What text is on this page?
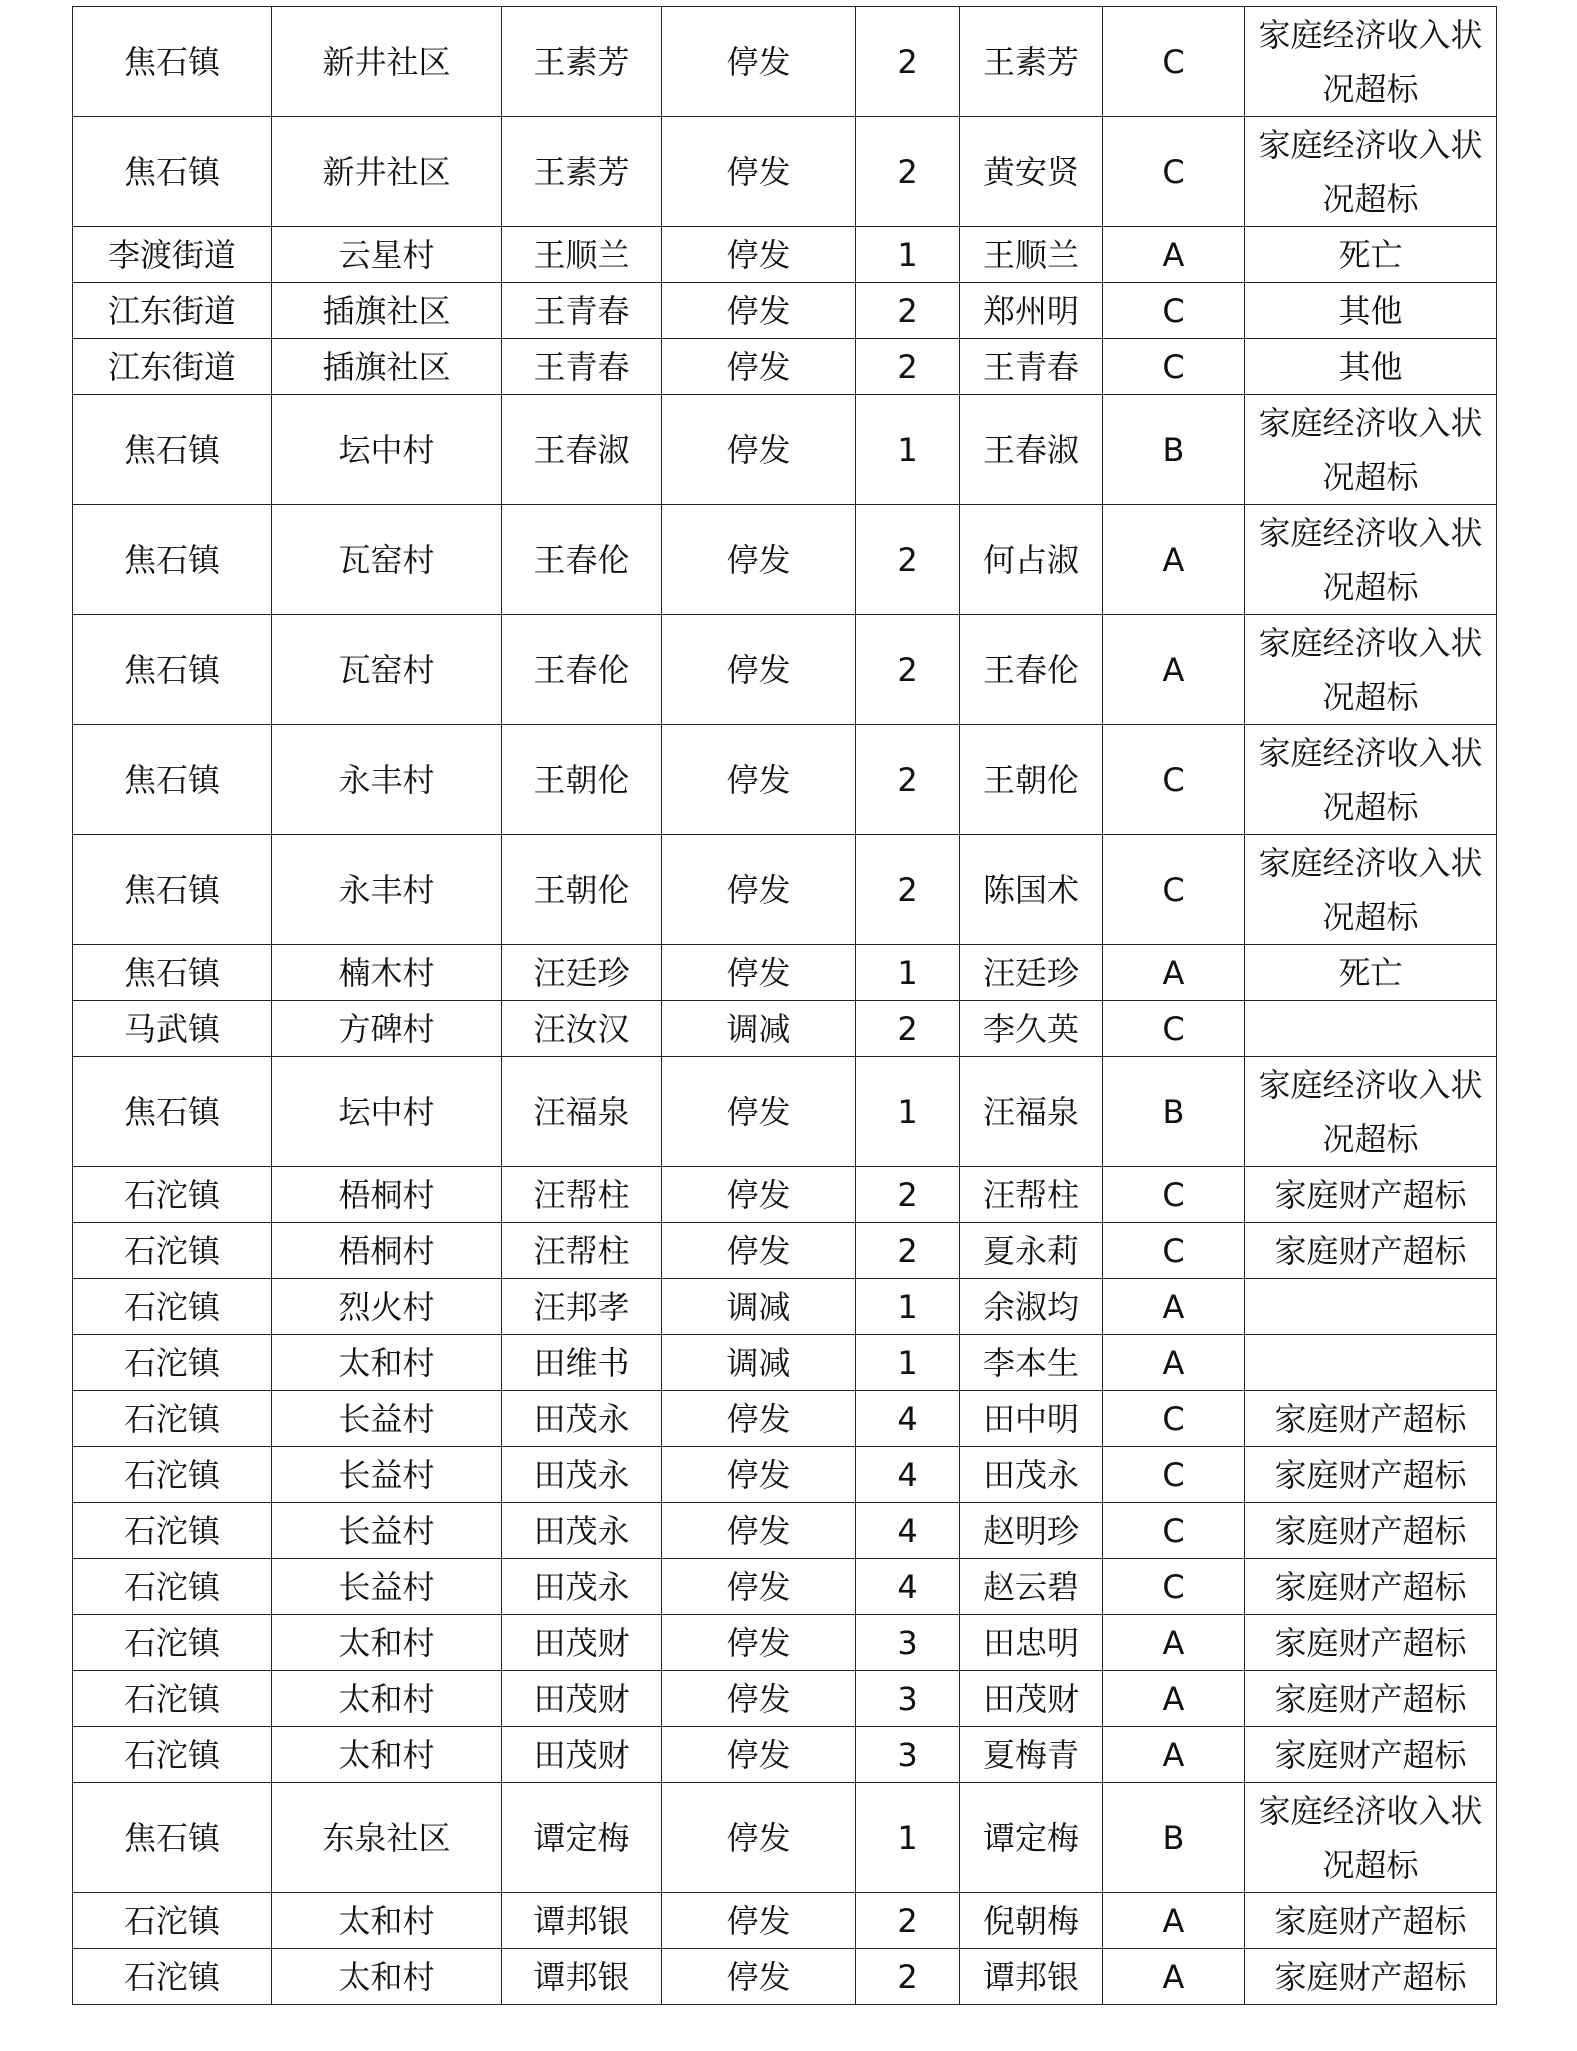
焦石镇	新井社区	王素芳	停发	2	王素芳	C	家庭经济收入状况超标
焦石镇	新井社区	王素芳	停发	2	黄安贤	C	家庭经济收入状况超标
李渡街道	云星村	王顺兰	停发	1	王顺兰	A	死亡
江东街道	插旗社区	王青春	停发	2	郑州明	C	其他
江东街道	插旗社区	王青春	停发	2	王青春	C	其他
焦石镇	坛中村	王春淑	停发	1	王春淑	B	家庭经济收入状况超标
焦石镇	瓦窑村	王春伦	停发	2	何占淑	A	家庭经济收入状况超标
焦石镇	瓦窑村	王春伦	停发	2	王春伦	A	家庭经济收入状况超标
焦石镇	永丰村	王朝伦	停发	2	王朝伦	C	家庭经济收入状况超标
焦石镇	永丰村	王朝伦	停发	2	陈国术	C	家庭经济收入状况超标
焦石镇	楠木村	汪廷珍	停发	1	汪廷珍	A	死亡
马武镇	方碑村	汪汝汉	调减	2	李久英	C	
焦石镇	坛中村	汪福泉	停发	1	汪福泉	B	家庭经济收入状况超标
石沱镇	梧桐村	汪帮柱	停发	2	汪帮柱	C	家庭财产超标
石沱镇	梧桐村	汪帮柱	停发	2	夏永莉	C	家庭财产超标
石沱镇	烈火村	汪邦孝	调减	1	余淑均	A	
石沱镇	太和村	田维书	调减	1	李本生	A	
石沱镇	长益村	田茂永	停发	4	田中明	C	家庭财产超标
石沱镇	长益村	田茂永	停发	4	田茂永	C	家庭财产超标
石沱镇	长益村	田茂永	停发	4	赵明珍	C	家庭财产超标
石沱镇	长益村	田茂永	停发	4	赵云碧	C	家庭财产超标
石沱镇	太和村	田茂财	停发	3	田忠明	A	家庭财产超标
石沱镇	太和村	田茂财	停发	3	田茂财	A	家庭财产超标
石沱镇	太和村	田茂财	停发	3	夏梅青	A	家庭财产超标
焦石镇	东泉社区	谭定梅	停发	1	谭定梅	B	家庭经济收入状况超标
石沱镇	太和村	谭邦银	停发	2	倪朝梅	A	家庭财产超标
石沱镇	太和村	谭邦银	停发	2	谭邦银	A	家庭财产超标
